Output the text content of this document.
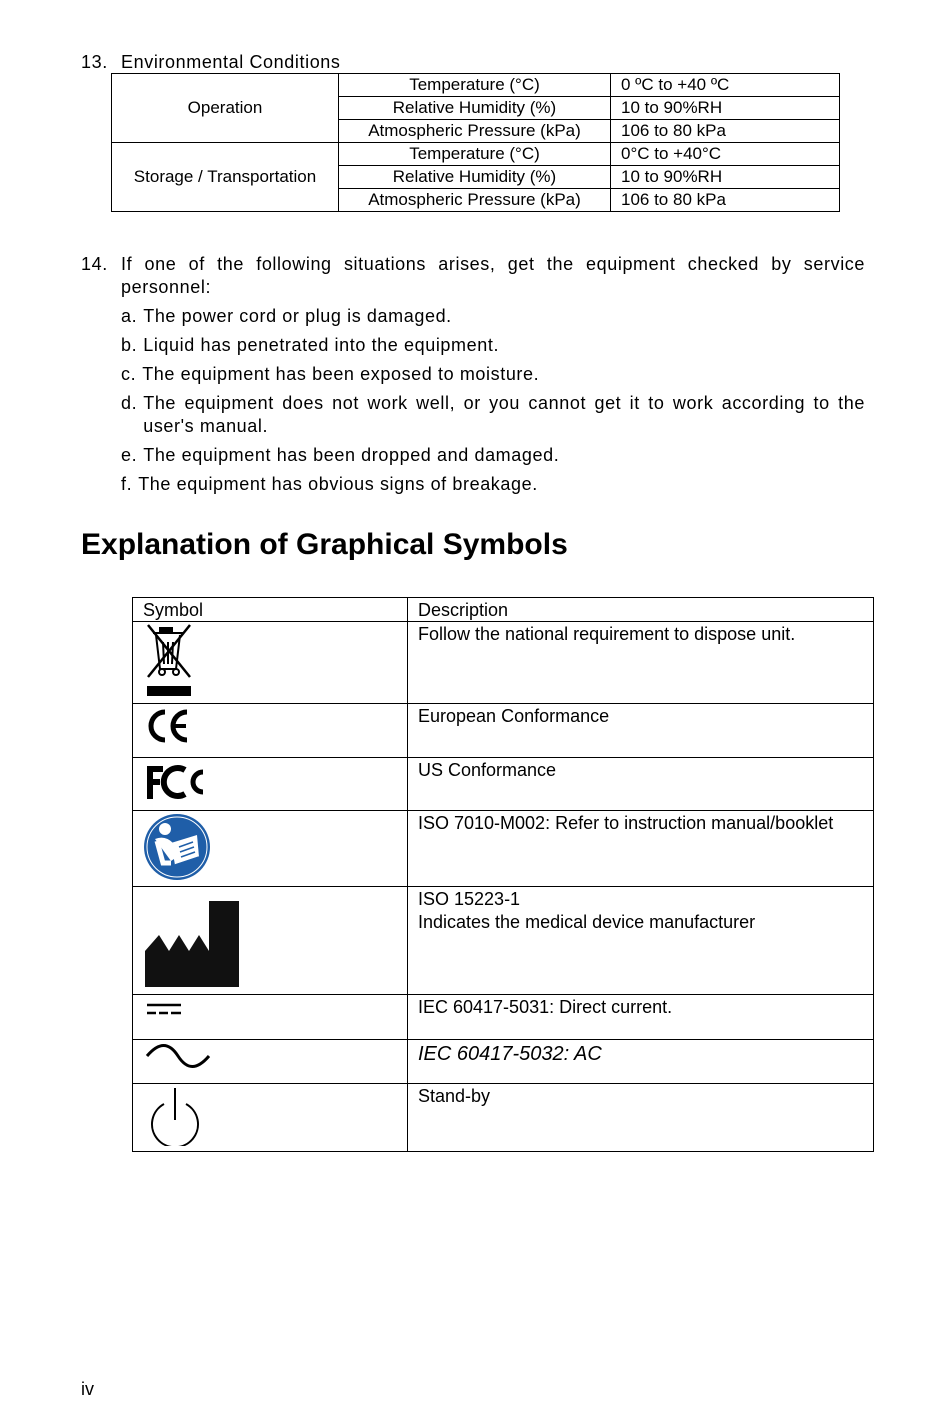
13. Environmental Conditions
Operation	Temperature (°C)	0 ºC to +40 ºC
	Relative Humidity (%)	10 to 90%RH
	Atmospheric Pressure (kPa)	106 to 80 kPa
Storage / Transportation	Temperature (°C)	0°C to +40°C
	Relative Humidity (%)	10 to 90%RH
	Atmospheric Pressure (kPa)	106 to 80 kPa
14. If one of the following situations arises, get the equipment checked by service personnel:
a. The power cord or plug is damaged.
b. Liquid has penetrated into the equipment.
c. The equipment has been exposed to moisture.
d. The equipment does not work well, or you cannot get it to work according to the user's manual.
e. The equipment has been dropped and damaged.
f. The equipment has obvious signs of breakage.
Explanation of Graphical Symbols
Symbol	Description

Follow the national requirement to dispose unit.

European Conformance

US Conformance

ISO 7010-M002: Refer to instruction manual/booklet

ISO 15223-1
Indicates the medical device manufacturer

IEC 60417-5031: Direct current.

IEC 60417-5032: AC

Stand-by
iv
